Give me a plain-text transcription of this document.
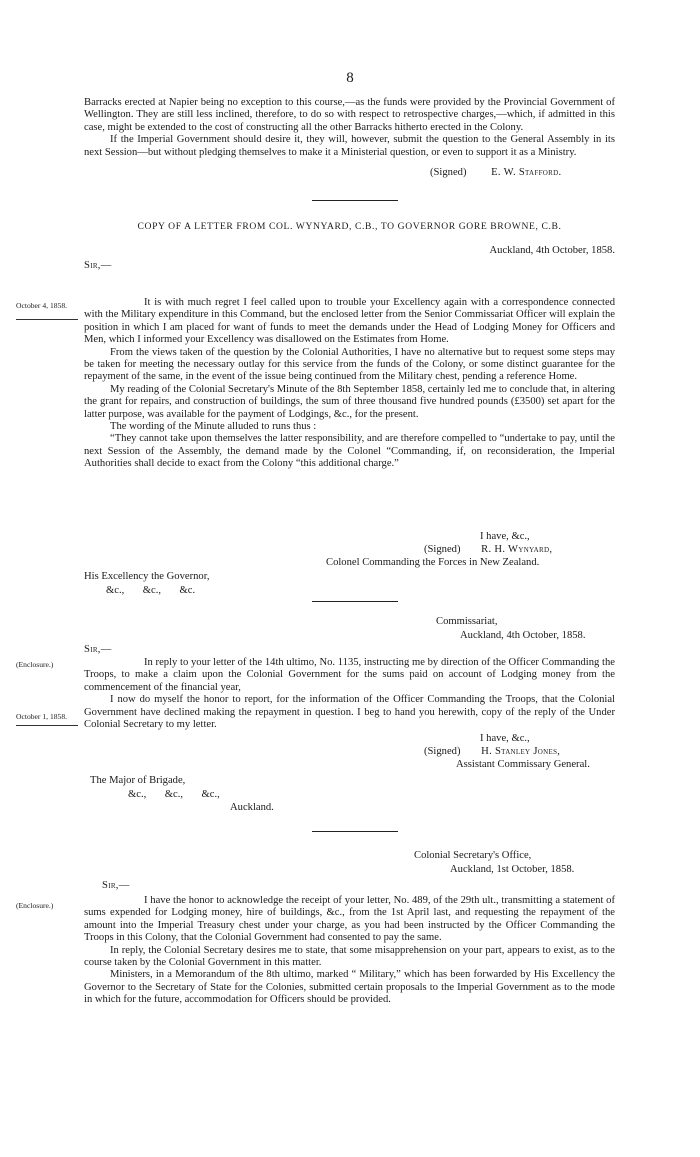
8

Barracks erected at Napier being no exception to this course,—as the funds were provided by the Provincial Government of Wellington. They are still less inclined, therefore, to do so with respect to retrospective charges,—which, if admitted in this case, might be extended to the cost of constructing all the other Barracks hitherto erected in the Colony.

If the Imperial Government should desire it, they will, however, submit the question to the General Assembly in its next Session—but without pledging themselves to make it a Ministerial question, or even to support it as a Ministry.

(Signed) E. W. Stafford.
COPY OF A LETTER FROM COL. WYNYARD, C.B., TO GOVERNOR GORE BROWNE, C.B.
Auckland, 4th October, 1858.
Sir,—
October 4, 1858.	It is with much regret I feel called upon to trouble your Excellency again with a correspondence connected with the Military expenditure in this Command, but the enclosed letter from the Senior Commissariat Officer will explain the position in which I am placed for want of funds to meet the demands under the Head of Lodging Money for Officers and Men, which I informed your Excellency was disallowed on the Estimates from Home.

From the views taken of the question by the Colonial Authorities, I have no alternative but to request some steps may be taken for meeting the necessary outlay for this service from the funds of the Colony, or some distinct guarantee for the repayment of the same, in the event of the issue being continued from the Military chest, pending a reference Home.

My reading of the Colonial Secretary's Minute of the 8th September 1858, certainly led me to conclude that, in altering the grant for repairs, and construction of buildings, the sum of three thousand five hundred pounds (£3500) set apart for the latter purpose, was available for the payment of Lodgings, &c., for the present.

The wording of the Minute alluded to runs thus :

“They cannot take upon themselves the latter responsibility, and are therefore compelled to “undertake to pay, until the next Session of the Assembly, the demand made by the Colonel “Commanding, if, on reconsideration, the Imperial Authorities shall decide to exact from the Colony “this additional charge.”

I have, &c.,
(Signed) R. H. Wynyard,
Colonel Commanding the Forces in New Zealand.
His Excellency the Governor,
&c.,       &c.,       &c.
Commissariat,
Auckland, 4th October, 1858.
Sir,—
(Enclosure.)	In reply to your letter of the 14th ultimo, No. 1135, instructing me by direction of the Officer Commanding the Troops, to make a claim upon the Colonial Government for the sums paid on account of Lodging money from the commencement of the financial year,

I now do myself the honor to report, for the information of the Officer Commanding the Troops, that the Colonial Government have declined making the repayment in question. I beg to hand you herewith, copy of the reply of the Under Colonial Secretary to my letter.

October 1, 1858.
I have, &c.,
(Signed) H. Stanley Jones,
Assistant Commissary General.
The Major of Brigade,
&c.,       &c.,       &c.,
Auckland.
Colonial Secretary's Office,
Auckland, 1st October, 1858.
Sir,—
(Enclosure.)	I have the honor to acknowledge the receipt of your letter, No. 489, of the 29th ult., transmitting a statement of sums expended for Lodging money, hire of buildings, &c., from the 1st April last, and requesting the repayment of the amount into the Imperial Treasury chest under your charge, as you had been instructed by the Officer Commanding the Troops in this Colony, that the Colonial Government had consented to pay the same.

In reply, the Colonial Secretary desires me to state, that some misapprehension on your part, appears to exist, as to the course taken by the Colonial Government in this matter.

Ministers, in a Memorandum of the 8th ultimo, marked “ Military,” which has been forwarded by His Excellency the Governor to the Secretary of State for the Colonies, submitted certain proposals to the Imperial Government as to the mode in which for the future, accommodation for Officers should be provided.
